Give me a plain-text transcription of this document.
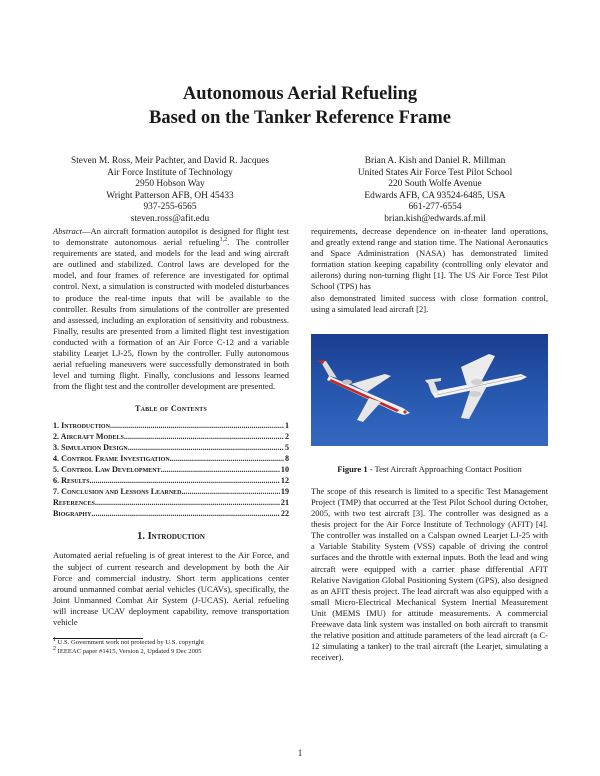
Autonomous Aerial Refueling
Based on the Tanker Reference Frame
Steven M. Ross, Meir Pachter, and David R. Jacques
Air Force Institute of Technology
2950 Hobson Way
Wright Patterson AFB, OH 45433
937-255-6565
steven.ross@afit.edu
Brian A. Kish and Daniel R. Millman
United States Air Force Test Pilot School
220 South Wolfe Avenue
Edwards AFB, CA 93524-6485, USA
661-277-6554
brian.kish@edwards.af.mil

Abstract—An aircraft formation autopilot is designed for flight test to demonstrate autonomous aerial refueling$^{1,2}$. The controller requirements are stated, and models for the lead and wing aircraft are outlined and stabilized. Control laws are developed for the model, and four frames of reference are investigated for optimal control. Next, a simulation is constructed with modeled disturbances to produce the real-time inputs that will be available to the controller. Results from simulations of the controller are presented and assessed, including an exploration of sensitivity and robustness. Finally, results are presented from a limited flight test investigation conducted with a formation of an Air Force C-12 and a variable stability Learjet LJ-25, flown by the controller. Fully autonomous aerial refueling maneuvers were successfully demonstrated in both level and turning flight. Finally, conclusions and lessons learned from the flight test and the controller development are presented.

Table of Contents
1. Introduction .....	1
2. Aircraft Models .....	2
3. Simulation Design .....	5
4. Control Frame Investigation .....	8
5. Control Law Development .....	10
6. Results .....	12
7. Conclusion and Lessons Learned .....	19
References .....	21
Biography .....	22
1. Introduction

Automated aerial refueling is of great interest to the Air Force, and the subject of current research and development by both the Air Force and commercial industry. Short term applications center around unmanned combat aerial vehicles (UCAVs), specifically, the Joint Unmanned Combat Air System (J-UCAS). Aerial refueling will increase UCAV deployment capability, remove transportation vehicle

$^1$ U.S. Government work not protected by U.S. copyright
$^2$ IEEEAC paper #1415, Version 2, Updated 9 Dec 2005

requirements, decrease dependence on in-theater land operations, and greatly extend range and station time. The National Aeronautics and Space Administration (NASA) has demonstrated limited formation station keeping capability (controlling only elevator and ailerons) during non-turning flight [1]. The US Air Force Test Pilot School (TPS) has

also demonstrated limited success with close formation control, using a simulated lead aircraft [2].

Figure 1 - Test Aircraft Approaching Contact Position

The scope of this research is limited to a specific Test Management Project (TMP) that occurred at the Test Pilot School during October, 2005, with two test aircraft [3]. The controller was designed as a thesis project for the Air Force Institute of Technology (AFIT) [4]. The controller was installed on a Calspan owned Learjet LJ-25 with a Variable Stability System (VSS) capable of driving the control surfaces and the throttle with external inputs. Both the lead and wing aircraft were equipped with a carrier phase differential AFIT Relative Navigation Global Positioning System (GPS), also designed as an AFIT thesis project. The lead aircraft was also equipped with a small Micro-Electrical Mechanical System Inertial Measurement Unit (MEMS IMU) for attitude measurements. A commercial Freewave data link system was installed on both aircraft to transmit the relative position and attitude parameters of the lead aircraft (a C-12 simulating a tanker) to the trail aircraft (the Learjet, simulating a receiver).

1
